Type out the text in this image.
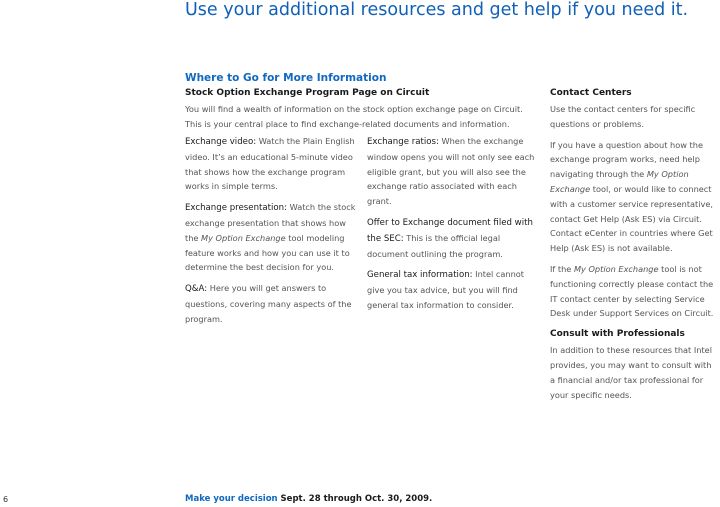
Use your additional resources and get help if you need it.
Where to Go for More Information
Stock Option Exchange Program Page on Circuit

You will find a wealth of information on the stock option exchange page on Circuit. This is your central place to find exchange-related documents and information.

Exchange video: Watch the Plain English video. It’s an educational 5-minute video that shows how the exchange program works in simple terms.

Exchange presentation: Watch the stock exchange presentation that shows how the My Option Exchange tool modeling feature works and how you can use it to determine the best decision for you.

Q&A: Here you will get answers to questions, covering many aspects of the program.

Exchange ratios: When the exchange window opens you will not only see each eligible grant, but you will also see the exchange ratio associated with each grant.

Offer to Exchange document filed with the SEC: This is the official legal document outlining the program.

General tax information: Intel cannot give you tax advice, but you will find general tax information to consider.

Contact Centers

Use the contact centers for specific questions or problems.

If you have a question about how the exchange program works, need help navigating through the My Option Exchange tool, or would like to connect with a customer service representative, contact Get Help (Ask ES) via Circuit. Contact eCenter in countries where Get Help (Ask ES) is not available.

If the My Option Exchange tool is not functioning correctly please contact the IT contact center by selecting Service Desk under Support Services on Circuit.

Consult with Professionals

In addition to these resources that Intel provides, you may want to consult with a financial and/or tax professional for your specific needs.

6	Make your decision Sept. 28 through Oct. 30, 2009.
